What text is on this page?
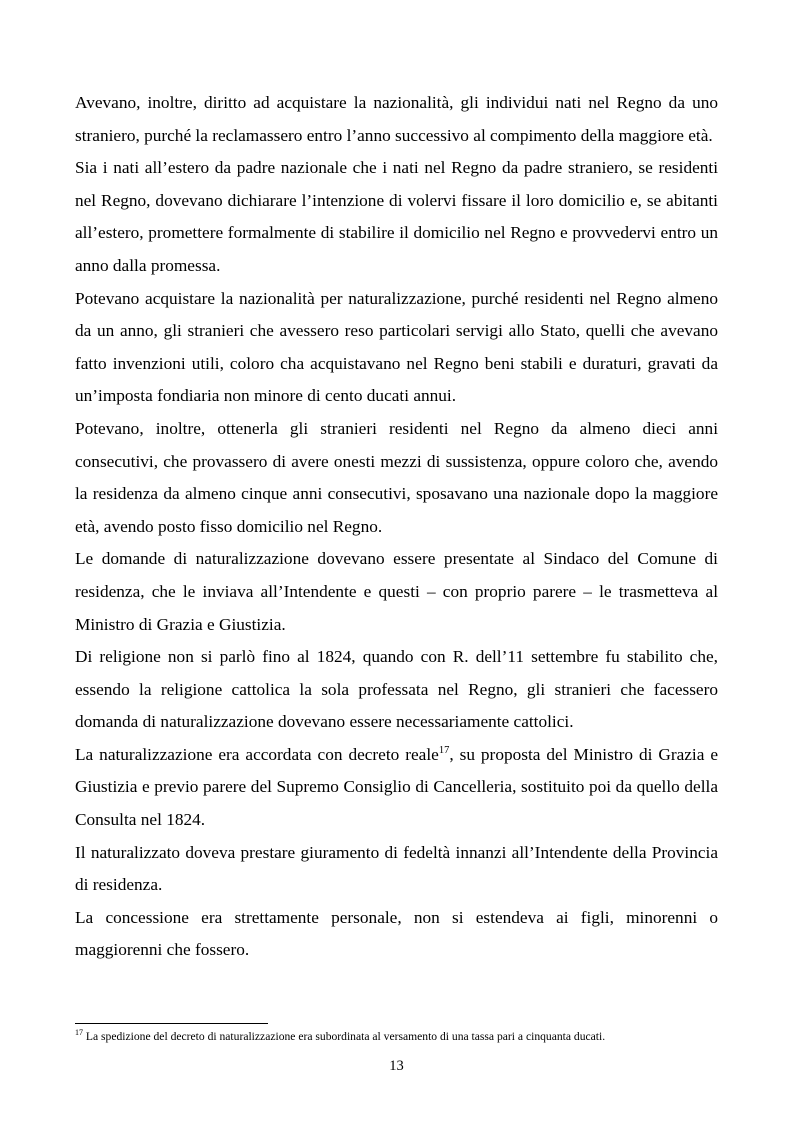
Avevano, inoltre, diritto ad acquistare la nazionalità, gli individui nati nel Regno da uno straniero, purché la reclamassero entro l’anno successivo al compimento della maggiore età.

Sia i nati all’estero da padre nazionale che i nati nel Regno da padre straniero, se residenti nel Regno, dovevano dichiarare l’intenzione di volervi fissare il loro domicilio e, se abitanti all’estero, promettere formalmente di stabilire il domicilio nel Regno e provvedervi entro un anno dalla promessa.

Potevano acquistare la nazionalità per naturalizzazione, purché residenti nel Regno almeno da un anno, gli stranieri che avessero reso particolari servigi allo Stato, quelli che avevano fatto invenzioni utili, coloro cha acquistavano nel Regno beni stabili e duraturi, gravati da un’imposta fondiaria non minore di cento ducati annui.

Potevano, inoltre, ottenerla gli stranieri residenti nel Regno da almeno dieci anni consecutivi, che provassero di avere onesti mezzi di sussistenza, oppure coloro che, avendo la residenza da almeno cinque anni consecutivi, sposavano una nazionale dopo la maggiore età, avendo posto fisso domicilio nel Regno.

Le domande di naturalizzazione dovevano essere presentate al Sindaco del Comune di residenza, che le inviava all’Intendente e questi – con proprio parere – le trasmetteva al Ministro di Grazia e Giustizia.

Di religione non si parlò fino al 1824, quando con R. dell’11 settembre fu stabilito che, essendo la religione cattolica la sola professata nel Regno, gli stranieri che facessero domanda di naturalizzazione dovevano essere necessariamente cattolici.

La naturalizzazione era accordata con decreto reale$^{17}$, su proposta del Ministro di Grazia e Giustizia e previo parere del Supremo Consiglio di Cancelleria, sostituito poi da quello della Consulta nel 1824.

Il naturalizzato doveva prestare giuramento di fedeltà innanzi all’Intendente della Provincia di residenza.

La concessione era strettamente personale, non si estendeva ai figli, minorenni o maggiorenni che fossero.

$^{17}$ La spedizione del decreto di naturalizzazione era subordinata al versamento di una tassa pari a cinquanta ducati.
13
